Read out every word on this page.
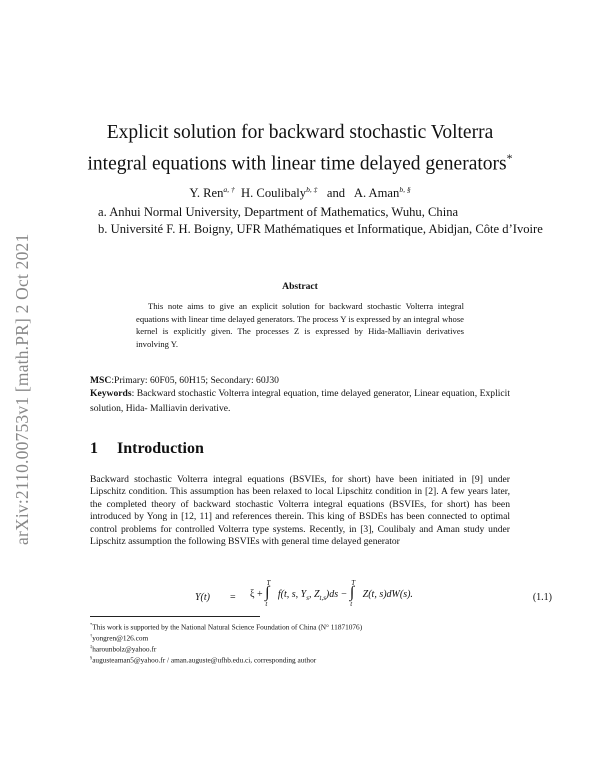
arXiv:2110.00753v1 [math.PR] 2 Oct 2021
Explicit solution for backward stochastic Volterra
integral equations with linear time delayed generators*
Y. Ren$^{a, \dagger}$ H. Coulibaly$^{b, \ddagger}$ and A. Aman$^{b, \S}$
a. Anhui Normal University, Department of Mathematics, Wuhu, China
b. Université F. H. Boigny, UFR Mathématiques et Informatique, Abidjan, Côte d’Ivoire
Abstract
This note aims to give an explicit solution for backward stochastic Volterra integral equations with linear time delayed generators. The process Y is expressed by an integral whose kernel is explicitly given. The processes Z is expressed by Hida-Malliavin derivatives involving Y.
MSC:Primary: 60F05, 60H15; Secondary: 60J30
Keywords: Backward stochastic Volterra integral equation, time delayed generator, Linear equation, Explicit solution, Hida- Malliavin derivative.
1 Introduction
Backward stochastic Volterra integral equations (BSVIEs, for short) have been initiated in [9] under Lipschitz condition. This assumption has been relaxed to local Lipschitz condition in [2]. A few years later, the completed theory of backward stochastic Volterra integral equations (BSVIEs, for short) has been introduced by Yong in [12, 11] and references therein. This king of BSDEs has been connected to optimal control problems for controlled Volterra type systems. Recently, in [3], Coulibaly and Aman study under Lipschitz assumption the following BSVIEs with general time delayed generator
Y(t) = ξ + ∫$^T_t$ f(t, s, $Y_s$, $Z_{t,s})ds - \int^T_t$ Z(t, s)dW(s).	(1.1)
*This work is supported by the National Natural Science Foundation of China (N° 11871076)
†yongren@126.com
‡harounbolz@yahoo.fr
§augusteaman5@yahoo.fr / aman.auguste@ufhb.edu.ci, corresponding author
